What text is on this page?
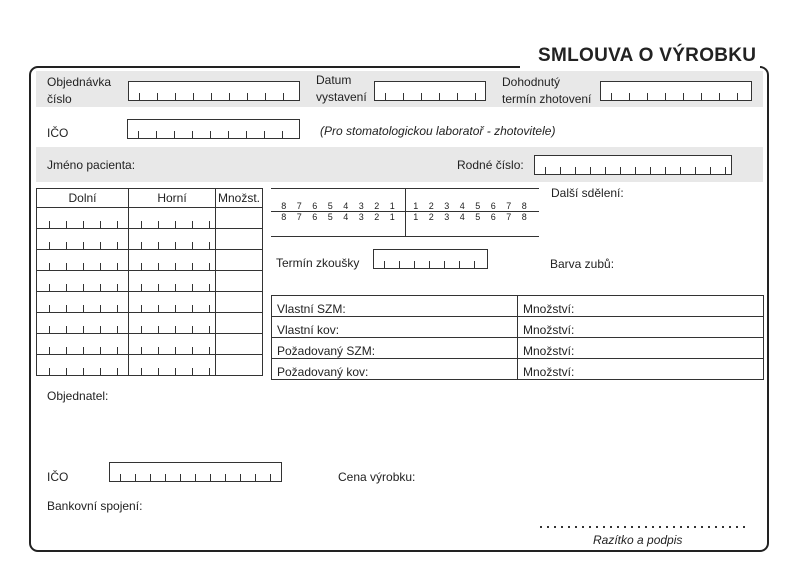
SMLOUVA O VÝROBKU
Objednávka
číslo
Datum
vystavení
Dohodnutý
termín zhotovení
IČO	(Pro stomatologickou laboratoř - zhotovitele)
Jméno pacienta:	Rodné číslo:
Dolní	Horní	Množst.

8	7	6	5	4	3	2	1
8	7	6	5	4	3	2	1
1	2	3	4	5	6	7	8
1	2	3	4	5	6	7	8
Další sdělení:
Termín zkoušky	Barva zubů:
Vlastní SZM:	Množství:
Vlastní kov:	Množství:
Požadovaný SZM:	Množství:
Požadovaný kov:	Množství:
Objednatel:
IČO	Cena výrobku:
Bankovní spojení:
Razítko a podpis
